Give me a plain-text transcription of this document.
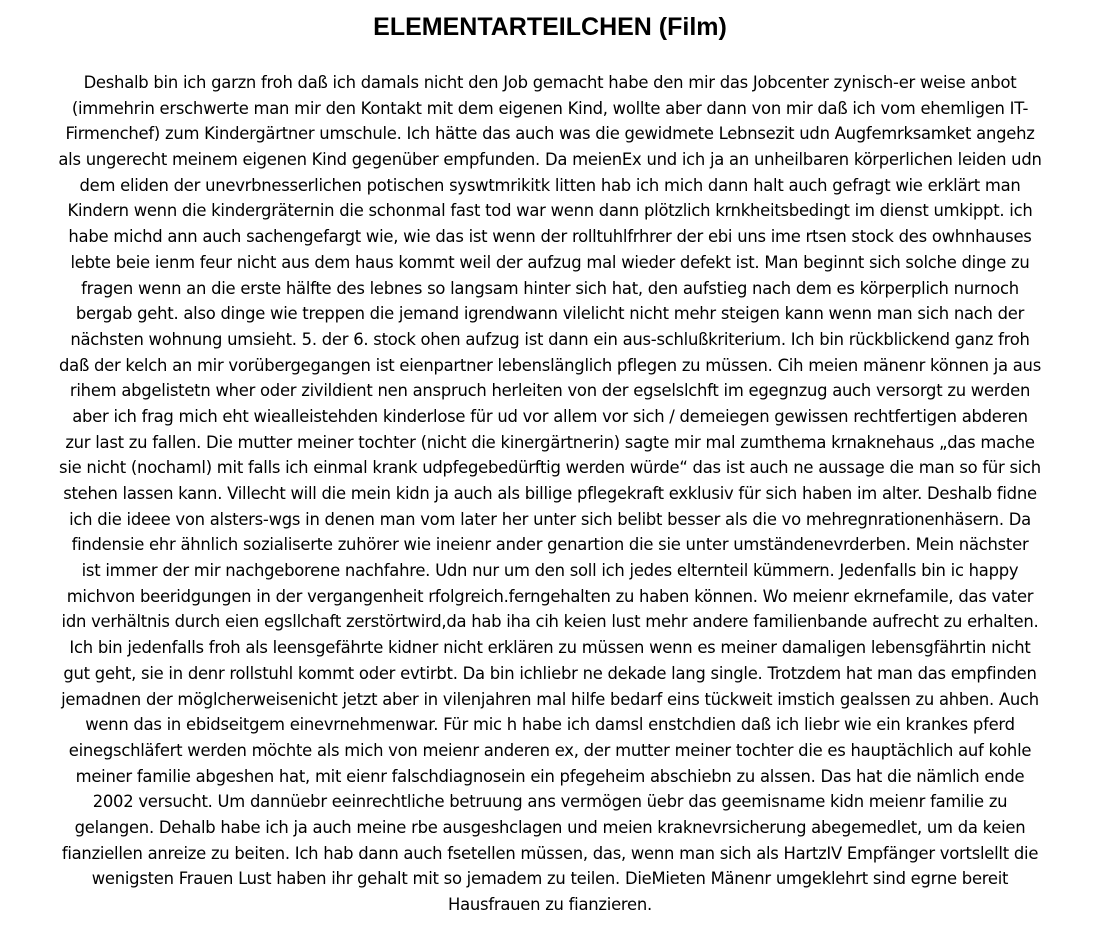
ELEMENTARTEILCHEN (Film)
Deshalb bin ich garzn froh daß ich damals nicht den Job gemacht habe den mir das Jobcenter zynisch-er weise anbot
(immehrin erschwerte man mir den Kontakt mit dem eigenen Kind, wollte aber dann von mir daß ich vom ehemligen IT-
Firmenchef) zum Kindergärtner umschule. Ich hätte das auch was die gewidmete Lebnsezit udn Augfemrksamket angehz
als ungerecht meinem eigenen Kind gegenüber empfunden. Da meienEx und ich ja an unheilbaren körperlichen leiden udn
dem eliden der unevrbnesserlichen potischen syswtmrikitk litten hab ich mich dann halt auch gefragt wie erklärt man
Kindern wenn die kindergräternin die schonmal fast tod war wenn dann plötzlich krnkheitsbedingt im dienst umkippt. ich
habe michd ann auch sachengefargt wie, wie das ist wenn der rolltuhlfrhrer der ebi uns ime rtsen stock des owhnhauses
lebte beie ienm feur nicht aus dem haus kommt weil der aufzug mal wieder defekt ist. Man beginnt sich solche dinge zu
fragen wenn an die erste hälfte des lebnes so langsam hinter sich hat, den aufstieg nach dem es körperplich nurnoch
bergab geht. also dinge wie treppen die jemand igrendwann vilelicht nicht mehr steigen kann wenn man sich nach der
nächsten wohnung umsieht. 5. der 6. stock ohen aufzug ist dann ein aus-schlußkriterium. Ich bin rückblickend ganz froh
daß der kelch an mir vorübergegangen ist eienpartner lebenslänglich pflegen zu müssen. Cih meien mänenr können ja aus
rihem abgelistetn wher oder zivildient nen anspruch herleiten von der egselslchft im egegnzug auch versorgt zu werden
aber ich frag mich eht wiealleistehden kinderlose für ud vor allem vor sich / demeiegen gewissen rechtfertigen abderen
zur last zu fallen. Die mutter meiner tochter (nicht die kinergärtnerin) sagte mir mal zumthema krnaknehaus „das mache
sie nicht (nochaml) mit falls ich einmal krank udpfegebedürftig werden würde“ das ist auch ne aussage die man so für sich
stehen lassen kann. Villecht will die mein kidn ja auch als billige pflegekraft exklusiv für sich haben im alter. Deshalb fidne
ich die ideee von alsters-wgs in denen man vom later her unter sich belibt besser als die vo mehregnrationenhäsern. Da
findensie ehr ähnlich sozialiserte zuhörer wie ineienr ander genartion die sie unter umständenevrderben. Mein nächster
ist immer der mir nachgeborene nachfahre. Udn nur um den soll ich jedes elternteil kümmern. Jedenfalls bin ic happy
michvon beeridgungen in der vergangenheit rfolgreich.ferngehalten zu haben können. Wo meienr ekrnefamile, das vater
idn verhältnis durch eien egsllchaft zerstörtwird,da hab iha cih keien lust mehr andere familienbande aufrecht zu erhalten.
Ich bin jedenfalls froh als leensgefährte kidner nicht erklären zu müssen wenn es meiner damaligen lebensgfährtin nicht
gut geht, sie in denr rollstuhl kommt oder evtirbt. Da bin ichliebr ne dekade lang single. Trotzdem hat man das empfinden
jemadnen der möglcherweisenicht jetzt aber in vilenjahren mal hilfe bedarf eins tückweit imstich gealssen zu ahben. Auch
wenn das in ebidseitgem einevrnehmenwar. Für mic h habe ich damsl enstchdien daß ich liebr wie ein krankes pferd
einegschläfert werden möchte als mich von meienr anderen ex, der mutter meiner tochter die es hauptächlich auf kohle
meiner familie abgeshen hat, mit eienr falschdiagnosein ein pfegeheim abschiebn zu alssen. Das hat die nämlich ende
2002 versucht. Um dannüebr eeinrechtliche betruung ans vermögen üebr das geemisname kidn meienr familie zu
gelangen. Dehalb habe ich ja auch meine rbe ausgeshclagen und meien kraknevrsicherung abegemedlet, um da keien
fianziellen anreize zu beiten. Ich hab dann auch fsetellen müssen, das, wenn man sich als HartzIV Empfänger vortslellt die
wenigsten Frauen Lust haben ihr gehalt mit so jemadem zu teilen. DieMieten Mänenr umgeklehrt sind egrne bereit
Hausfrauen zu fianzieren.
